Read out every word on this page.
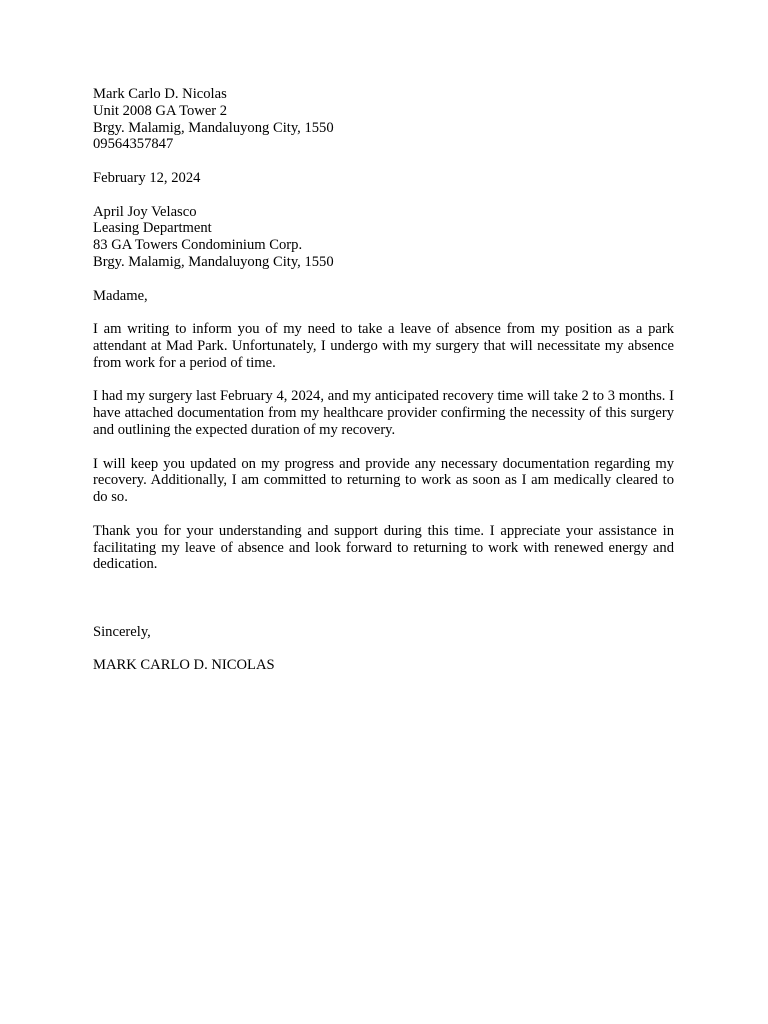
Mark Carlo D. Nicolas
Unit 2008 GA Tower 2
Brgy. Malamig, Mandaluyong City, 1550
09564357847
February 12, 2024
April Joy Velasco
Leasing Department
83 GA Towers Condominium Corp.
Brgy. Malamig, Mandaluyong City, 1550
Madame,

I am writing to inform you of my need to take a leave of absence from my position as a park attendant at Mad Park. Unfortunately, I undergo with my surgery that will necessitate my absence from work for a period of time.

I had my surgery last February 4, 2024, and my anticipated recovery time will take 2 to 3 months. I have attached documentation from my healthcare provider confirming the necessity of this surgery and outlining the expected duration of my recovery.

I will keep you updated on my progress and provide any necessary documentation regarding my recovery. Additionally, I am committed to returning to work as soon as I am medically cleared to do so.

Thank you for your understanding and support during this time. I appreciate your assistance in facilitating my leave of absence and look forward to returning to work with renewed energy and dedication.

Sincerely,
MARK CARLO D. NICOLAS
